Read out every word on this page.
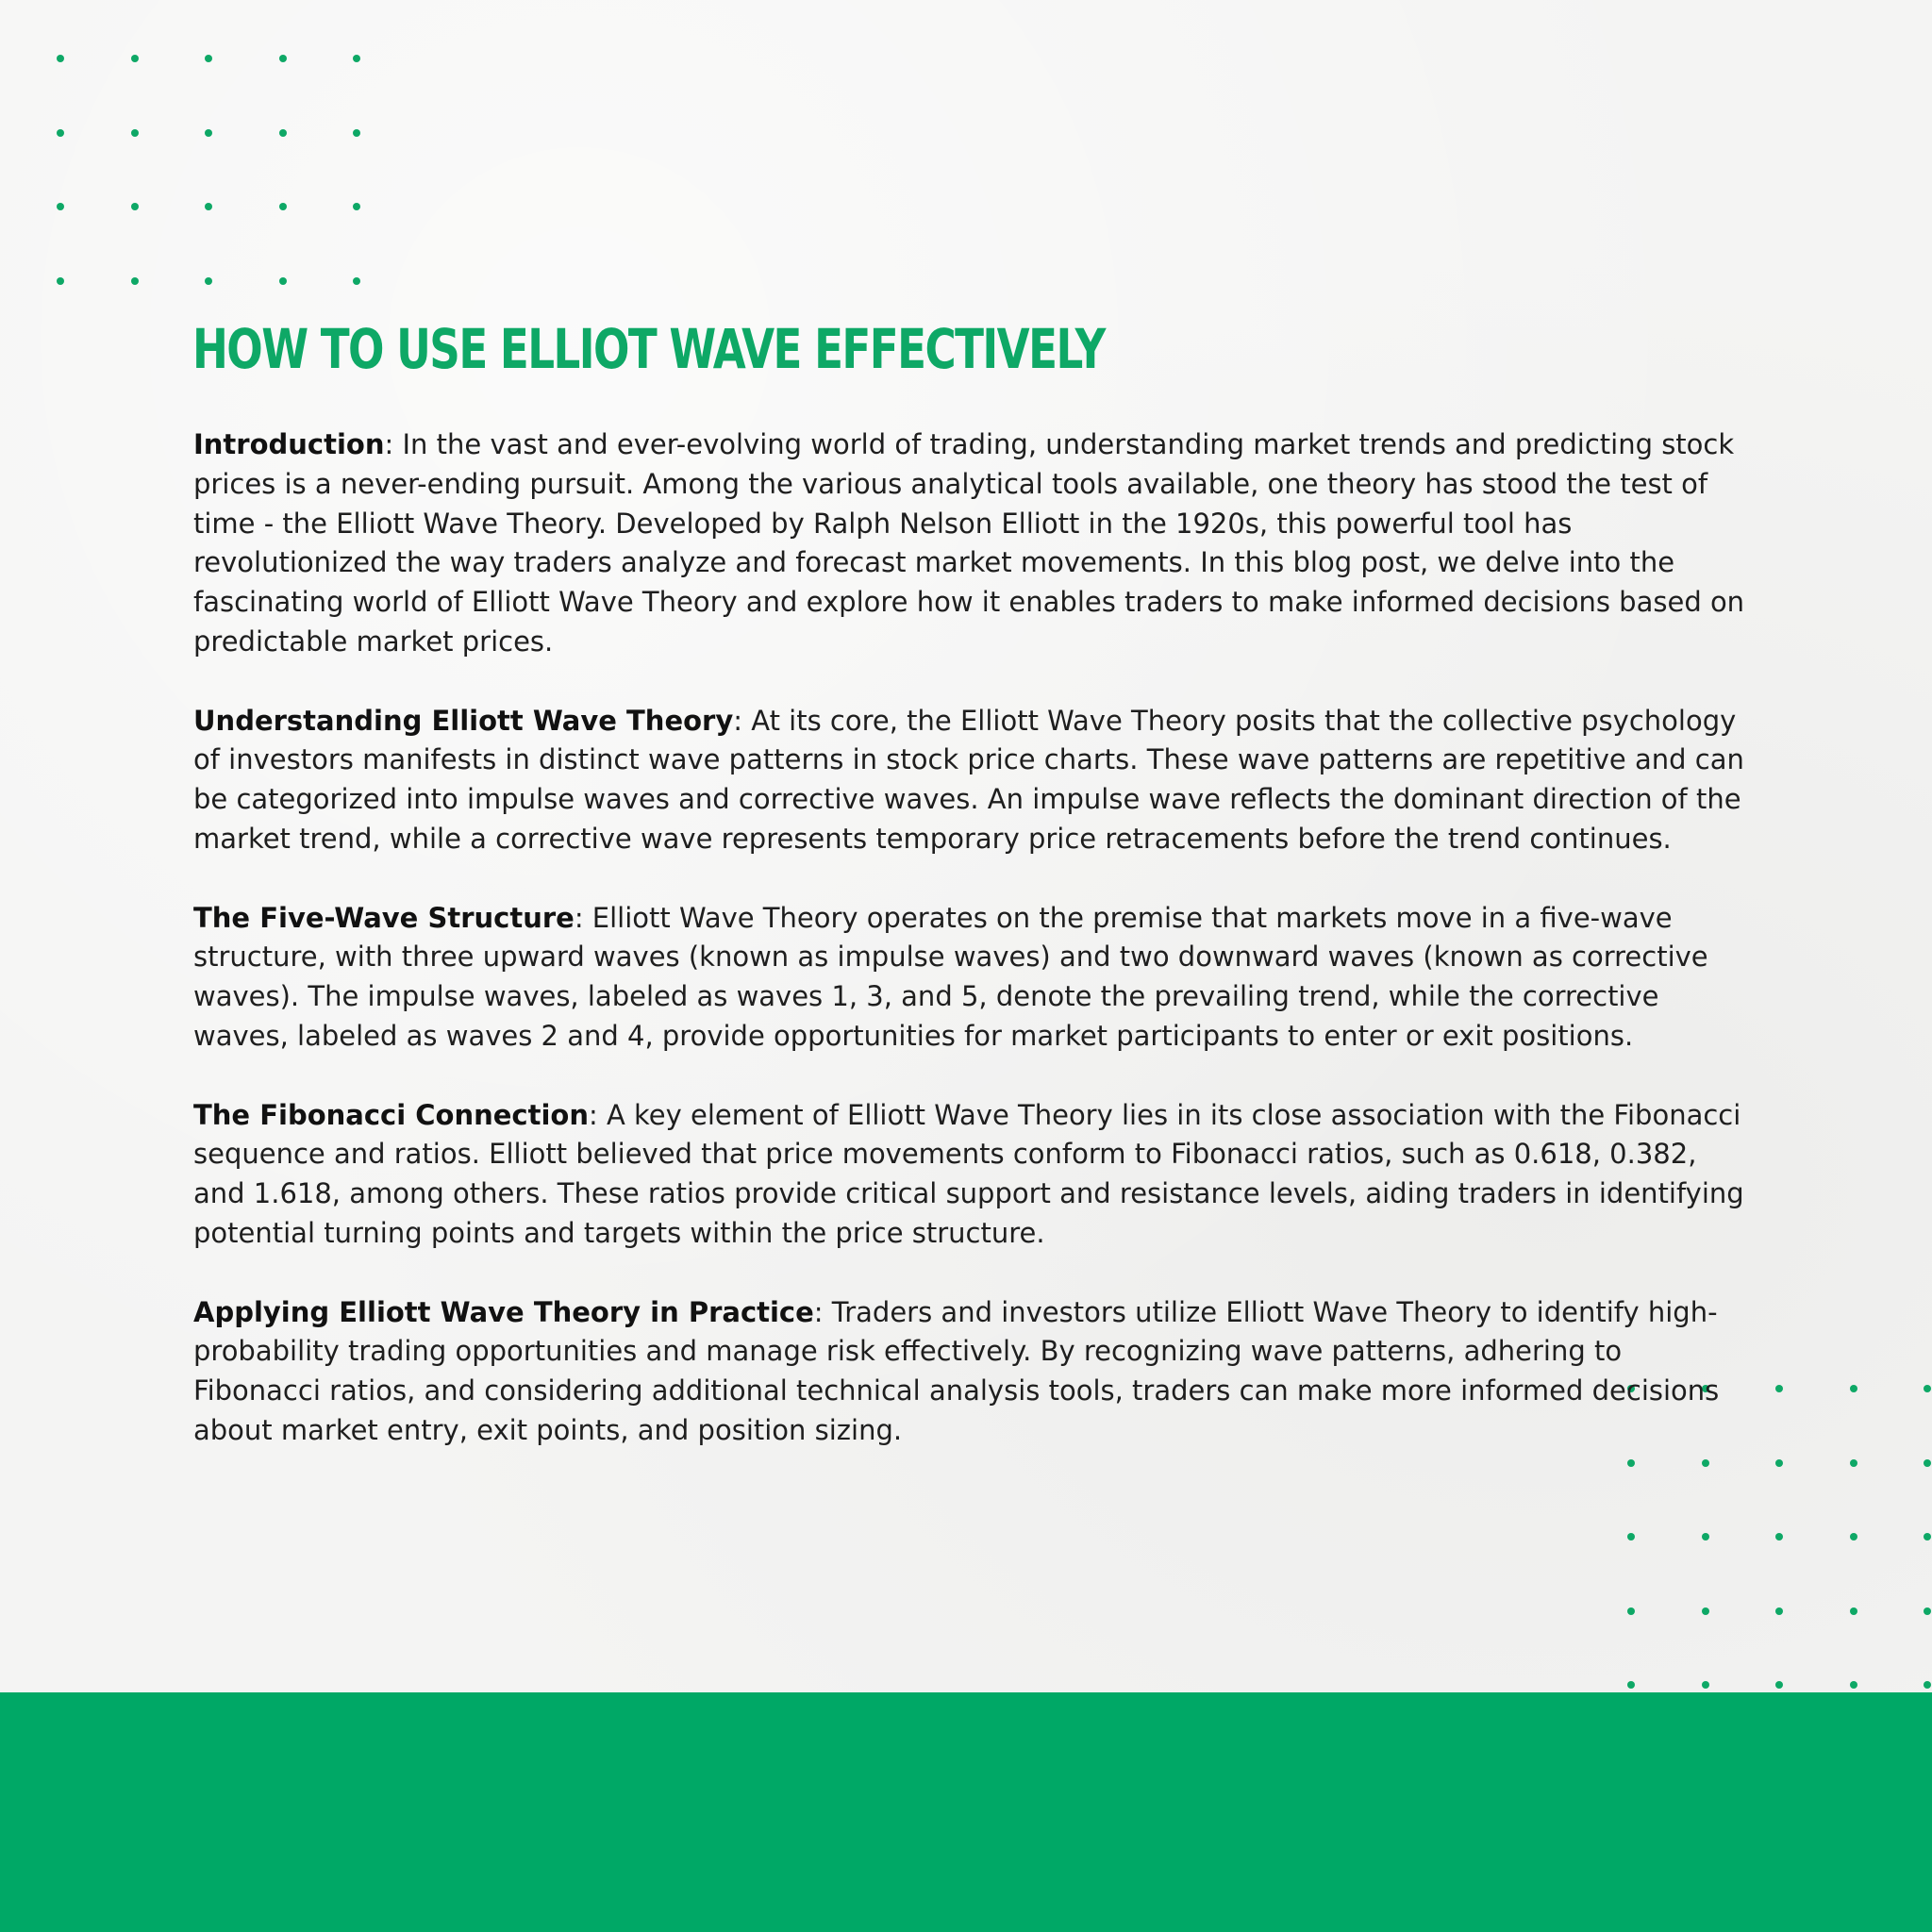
HOW TO USE ELLIOT WAVE EFFECTIVELY

Introduction: In the vast and ever-evolving world of trading, understanding market trends and predicting stock prices is a never-ending pursuit. Among the various analytical tools available, one theory has stood the test of time - the Elliott Wave Theory. Developed by Ralph Nelson Elliott in the 1920s, this powerful tool has revolutionized the way traders analyze and forecast market movements. In this blog post, we delve into the fascinating world of Elliott Wave Theory and explore how it enables traders to make informed decisions based on predictable market prices.

Understanding Elliott Wave Theory: At its core, the Elliott Wave Theory posits that the collective psychology of investors manifests in distinct wave patterns in stock price charts. These wave patterns are repetitive and can be categorized into impulse waves and corrective waves. An impulse wave reflects the dominant direction of the market trend, while a corrective wave represents temporary price retracements before the trend continues.

The Five-Wave Structure: Elliott Wave Theory operates on the premise that markets move in a five-wave structure, with three upward waves (known as impulse waves) and two downward waves (known as corrective waves). The impulse waves, labeled as waves 1, 3, and 5, denote the prevailing trend, while the corrective waves, labeled as waves 2 and 4, provide opportunities for market participants to enter or exit positions.

The Fibonacci Connection: A key element of Elliott Wave Theory lies in its close association with the Fibonacci sequence and ratios. Elliott believed that price movements conform to Fibonacci ratios, such as 0.618, 0.382, and 1.618, among others. These ratios provide critical support and resistance levels, aiding traders in identifying potential turning points and targets within the price structure.

Applying Elliott Wave Theory in Practice: Traders and investors utilize Elliott Wave Theory to identify high-probability trading opportunities and manage risk effectively. By recognizing wave patterns, adhering to Fibonacci ratios, and considering additional technical analysis tools, traders can make more informed decisions about market entry, exit points, and position sizing.
